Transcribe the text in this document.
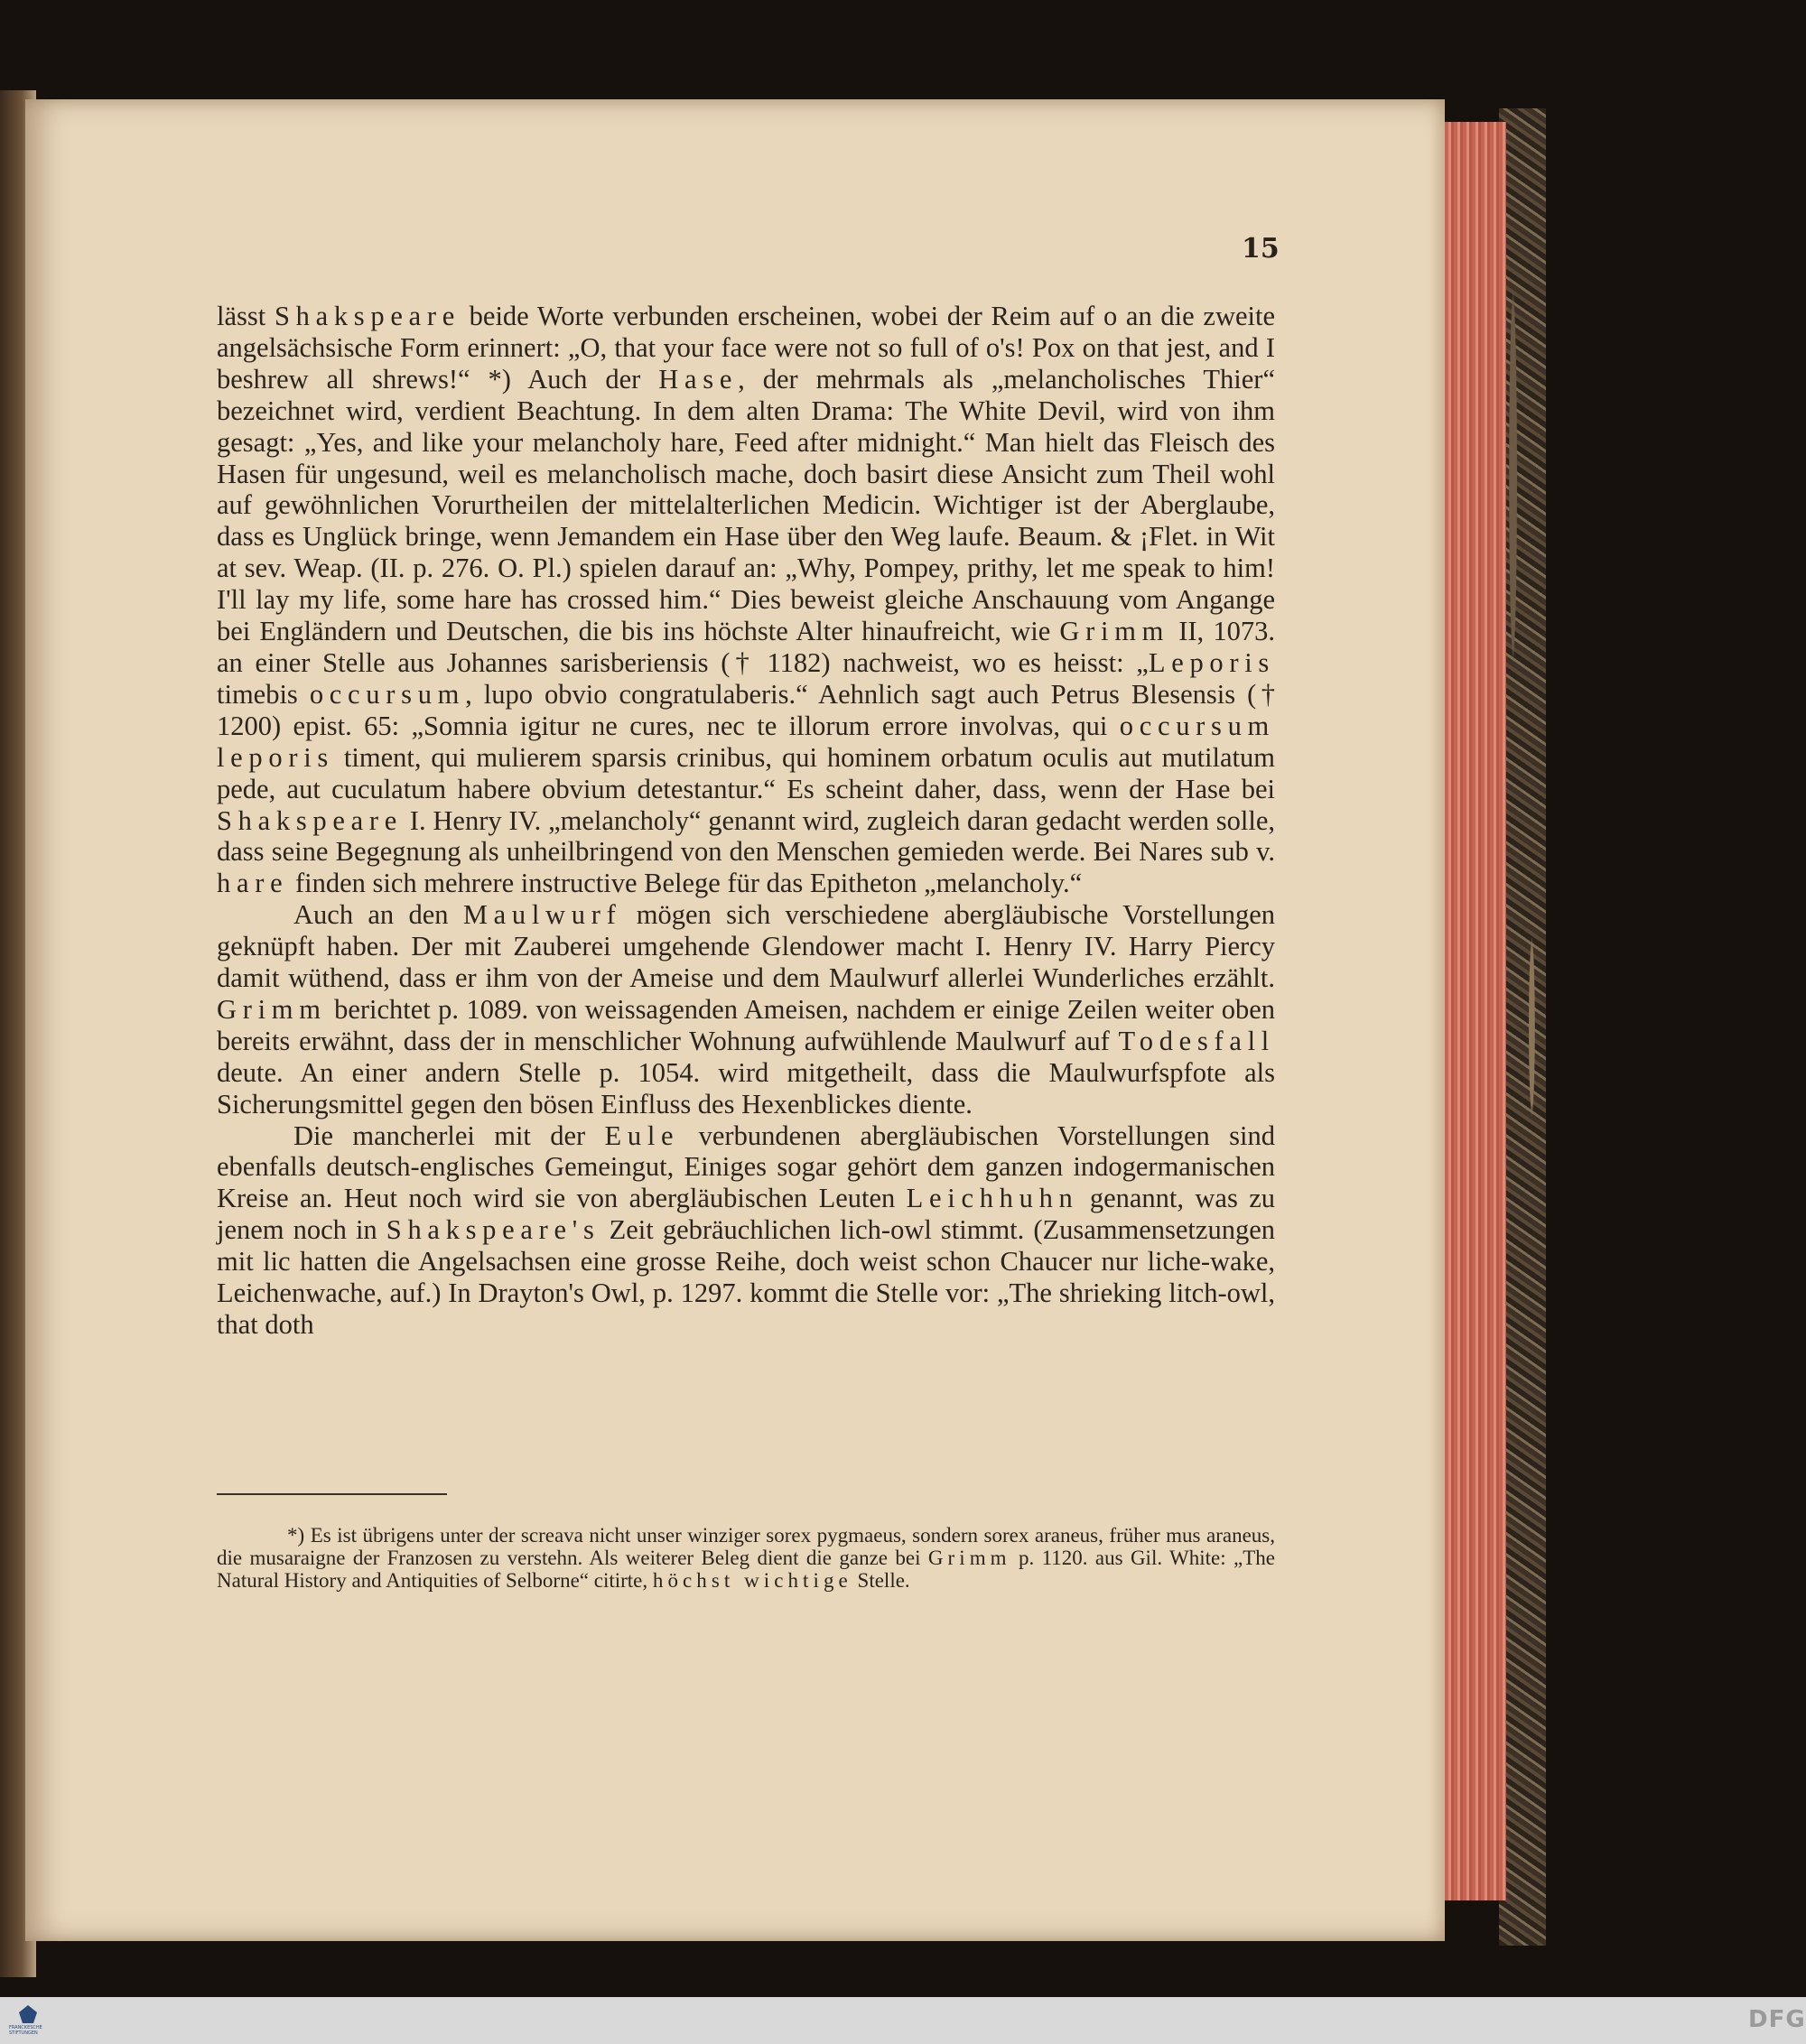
15

lässt Shakspeare beide Worte verbunden erscheinen, wobei der Reim auf o an die zweite angelsächsische Form erinnert: „O, that your face were not so full of o's! Pox on that jest, and I beshrew all shrews!“ *) Auch der Hase, der mehrmals als „melancholisches Thier“ bezeichnet wird, verdient Beachtung. In dem alten Drama: The White Devil, wird von ihm gesagt: „Yes, and like your melancholy hare, Feed after midnight.“ Man hielt das Fleisch des Hasen für ungesund, weil es melancholisch mache, doch basirt diese Ansicht zum Theil wohl auf gewöhnlichen Vorurtheilen der mittelalterlichen Medicin. Wichtiger ist der Aberglaube, dass es Unglück bringe, wenn Jemandem ein Hase über den Weg laufe. Beaum. & ¡Flet. in Wit at sev. Weap. (II. p. 276. O. Pl.) spielen darauf an: „Why, Pompey, prithy, let me speak to him! I'll lay my life, some hare has crossed him.“ Dies beweist gleiche Anschauung vom Angange bei Engländern und Deutschen, die bis ins höchste Alter hinaufreicht, wie Grimm II, 1073. an einer Stelle aus Johannes sarisberiensis († 1182) nachweist, wo es heisst: „Leporis timebis occursum, lupo obvio congratulaberis.“ Aehnlich sagt auch Petrus Blesensis († 1200) epist. 65: „Somnia igitur ne cures, nec te illorum errore involvas, qui occursum leporis timent, qui mulierem sparsis crinibus, qui hominem orbatum oculis aut mutilatum pede, aut cuculatum habere obvium detestantur.“ Es scheint daher, dass, wenn der Hase bei Shakspeare I. Henry IV. „melancholy“ genannt wird, zugleich daran gedacht werden solle, dass seine Begegnung als unheilbringend von den Menschen gemieden werde. Bei Nares sub v. hare finden sich mehrere instructive Belege für das Epitheton „melancholy.“

Auch an den Maulwurf mögen sich verschiedene abergläubische Vorstellungen geknüpft haben. Der mit Zauberei umgehende Glendower macht I. Henry IV. Harry Piercy damit wüthend, dass er ihm von der Ameise und dem Maulwurf allerlei Wunderliches erzählt. Grimm berichtet p. 1089. von weissagenden Ameisen, nachdem er einige Zeilen weiter oben bereits erwähnt, dass der in menschlicher Wohnung aufwühlende Maulwurf auf Todesfall deute. An einer andern Stelle p. 1054. wird mitgetheilt, dass die Maulwurfspfote als Sicherungsmittel gegen den bösen Einfluss des Hexenblickes diente.

Die mancherlei mit der Eule verbundenen abergläubischen Vorstellungen sind ebenfalls deutsch-englisches Gemeingut, Einiges sogar gehört dem ganzen indogermanischen Kreise an. Heut noch wird sie von abergläubischen Leuten Leichhuhn genannt, was zu jenem noch in Shakspeare's Zeit gebräuchlichen lich-owl stimmt. (Zusammensetzungen mit lic hatten die Angelsachsen eine grosse Reihe, doch weist schon Chaucer nur liche-wake, Leichenwache, auf.) In Drayton's Owl, p. 1297. kommt die Stelle vor: „The shrieking litch-owl, that doth

*) Es ist übrigens unter der screava nicht unser winziger sorex pygmaeus, sondern sorex araneus, früher mus araneus, die musaraigne der Franzosen zu verstehn. Als weiterer Beleg dient die ganze bei Grimm p. 1120. aus Gil. White: „The Natural History and Antiquities of Selborne“ citirte, höchst wichtige Stelle.

FRANCKESCHE STIFTUNGEN	DFG
